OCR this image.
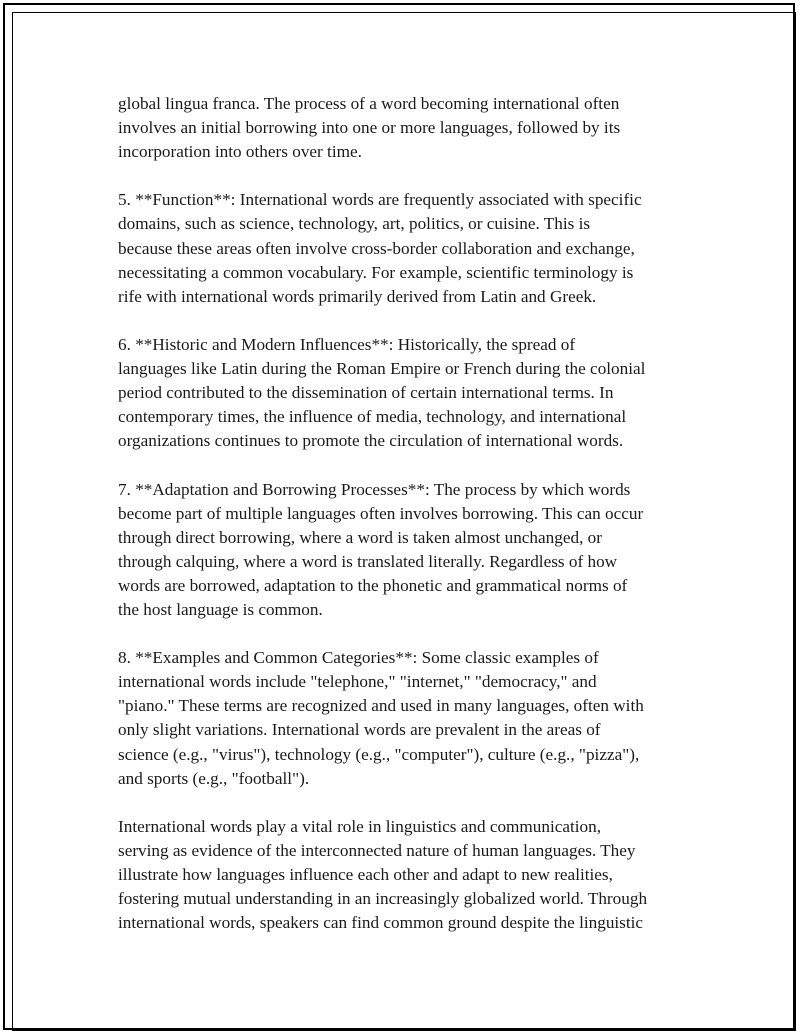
global lingua franca. The process of a word becoming international often
involves an initial borrowing into one or more languages, followed by its
incorporation into others over time.

5. **Function**: International words are frequently associated with specific
domains, such as science, technology, art, politics, or cuisine. This is
because these areas often involve cross-border collaboration and exchange,
necessitating a common vocabulary. For example, scientific terminology is
rife with international words primarily derived from Latin and Greek.

6. **Historic and Modern Influences**: Historically, the spread of
languages like Latin during the Roman Empire or French during the colonial
period contributed to the dissemination of certain international terms. In
contemporary times, the influence of media, technology, and international
organizations continues to promote the circulation of international words.

7. **Adaptation and Borrowing Processes**: The process by which words
become part of multiple languages often involves borrowing. This can occur
through direct borrowing, where a word is taken almost unchanged, or
through calquing, where a word is translated literally. Regardless of how
words are borrowed, adaptation to the phonetic and grammatical norms of
the host language is common.

8. **Examples and Common Categories**: Some classic examples of
international words include "telephone," "internet," "democracy," and
"piano." These terms are recognized and used in many languages, often with
only slight variations. International words are prevalent in the areas of
science (e.g., "virus"), technology (e.g., "computer"), culture (e.g., "pizza"),
and sports (e.g., "football").

International words play a vital role in linguistics and communication,
serving as evidence of the interconnected nature of human languages. They
illustrate how languages influence each other and adapt to new realities,
fostering mutual understanding in an increasingly globalized world. Through
international words, speakers can find common ground despite the linguistic
